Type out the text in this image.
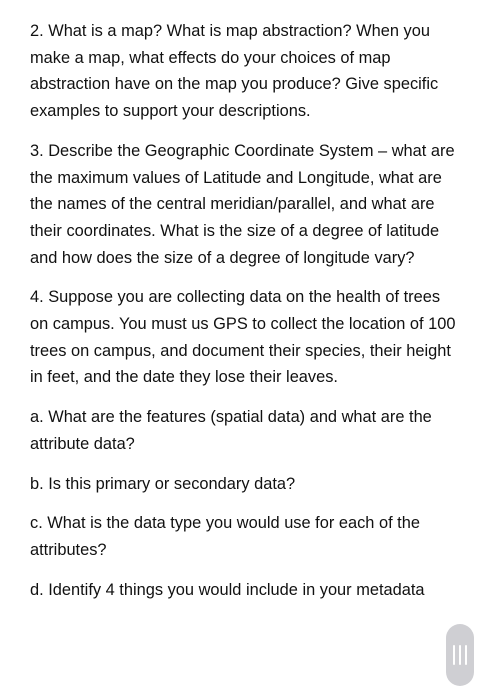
2. What is a map? What is map abstraction? When you make a map, what effects do your choices of map abstraction have on the map you produce? Give specific examples to support your descriptions.

3. Describe the Geographic Coordinate System – what are the maximum values of Latitude and Longitude, what are the names of the central meridian/parallel, and what are their coordinates. What is the size of a degree of latitude and how does the size of a degree of longitude vary?

4. Suppose you are collecting data on the health of trees on campus. You must us GPS to collect the location of 100 trees on campus, and document their species, their height in feet, and the date they lose their leaves.

a. What are the features (spatial data) and what are the attribute data?

b. Is this primary or secondary data?

c. What is the data type you would use for each of the attributes?

d. Identify 4 things you would include in your metadata
